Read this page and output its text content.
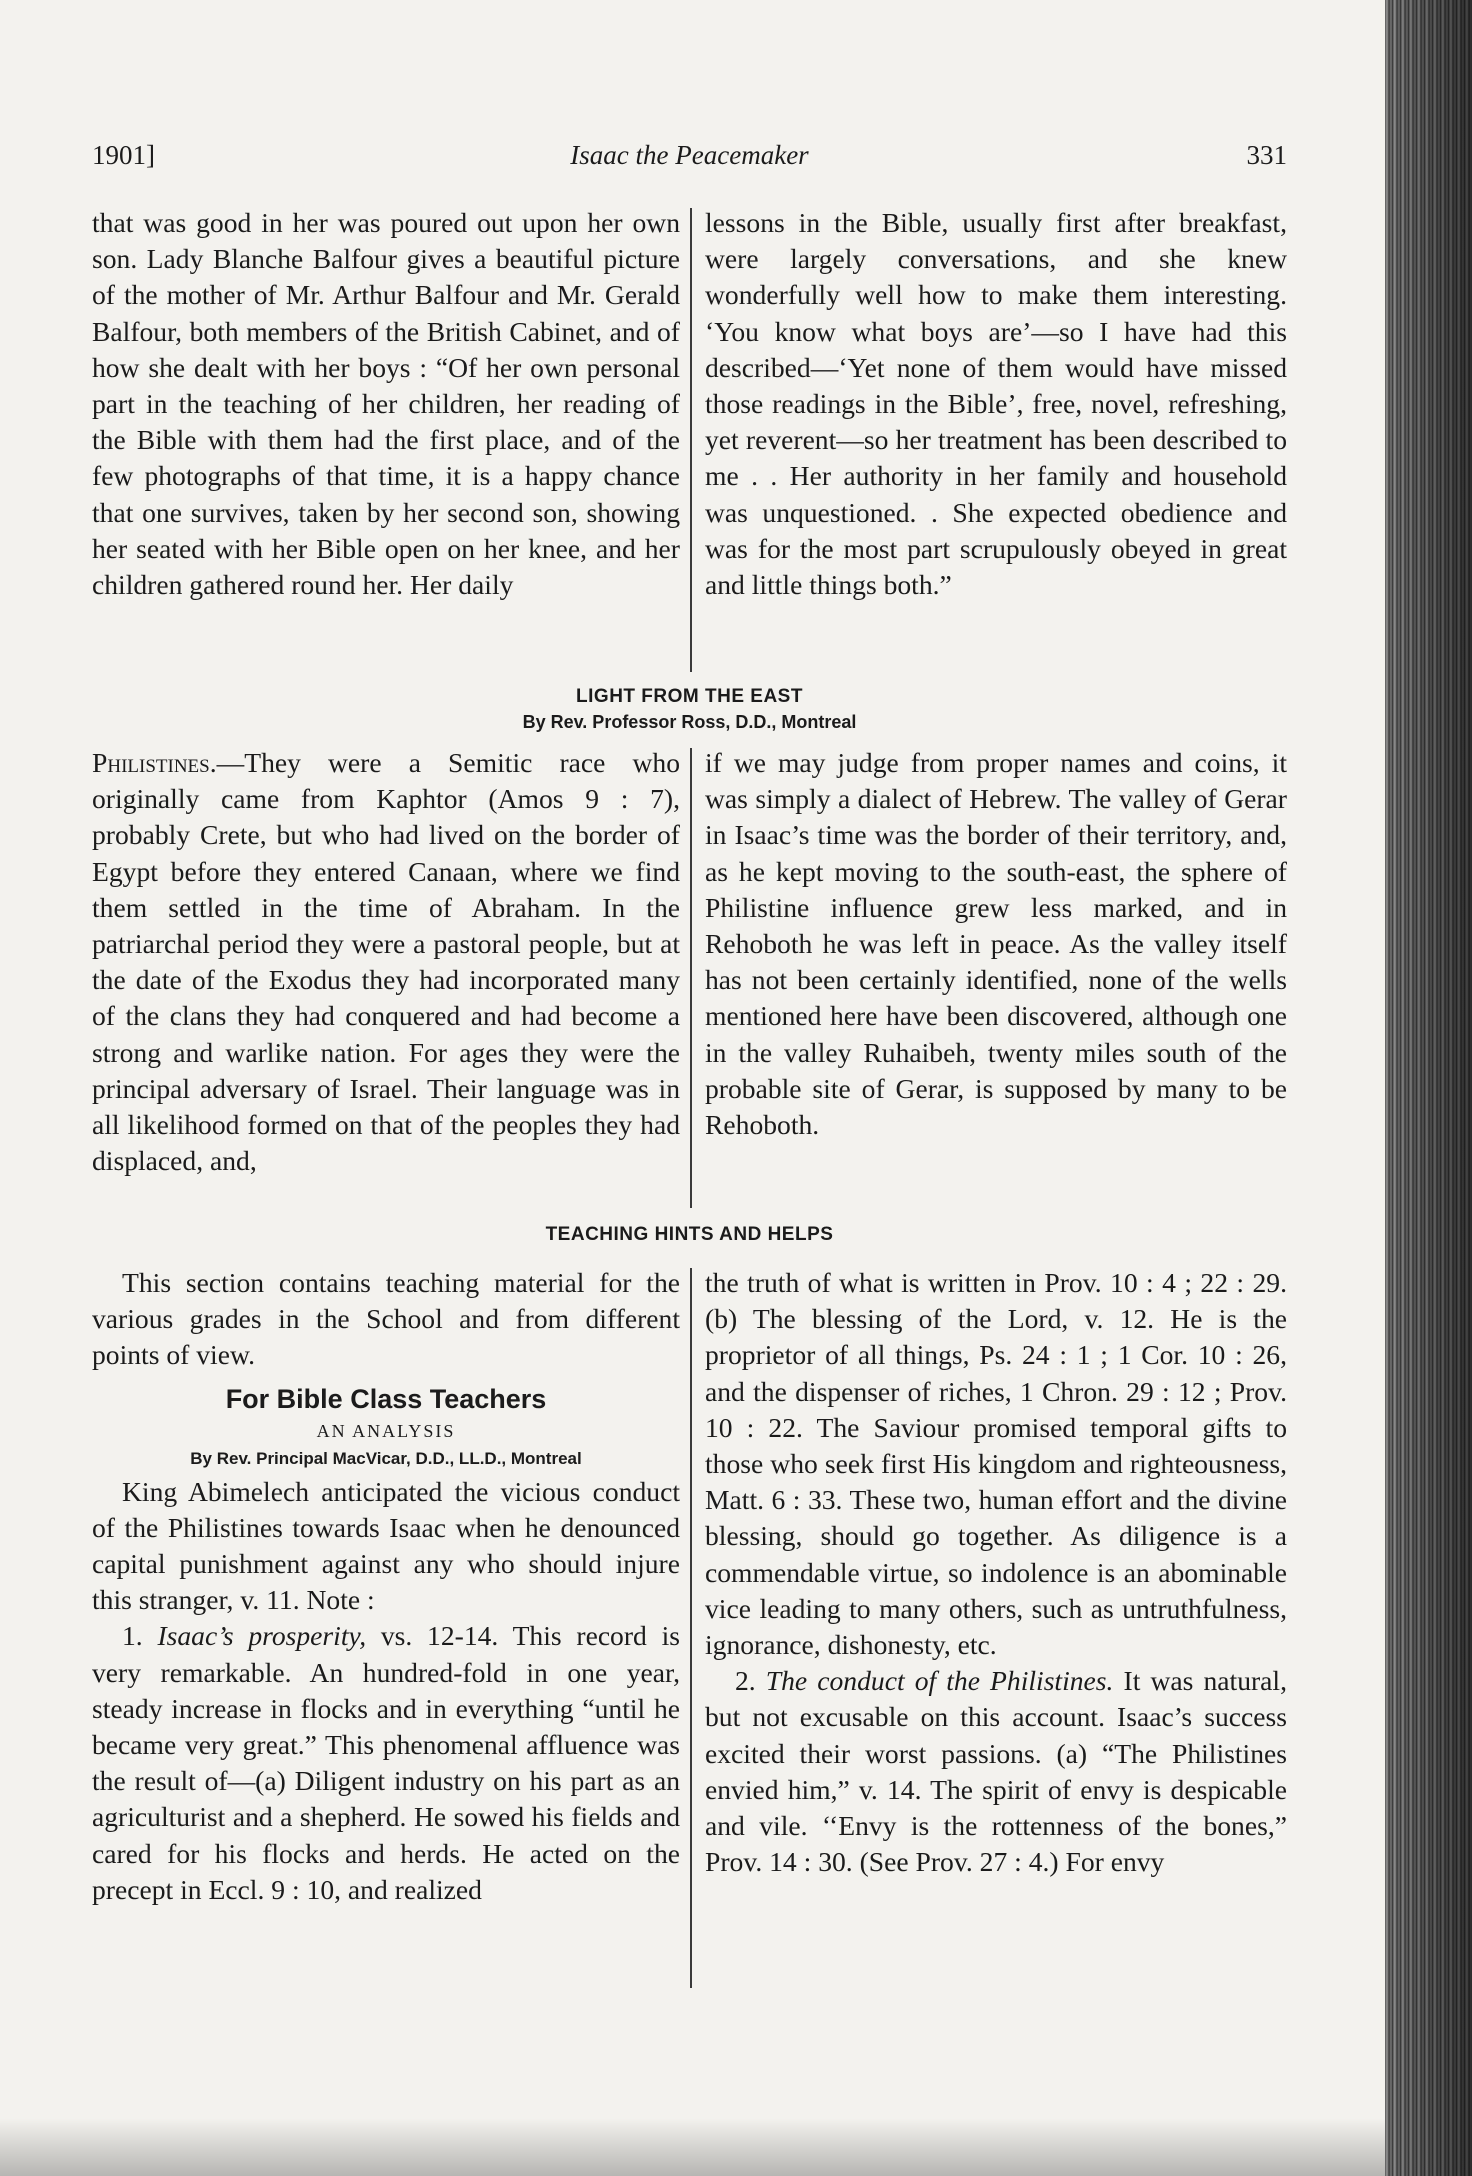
1901]	Isaac the Peacemaker	331

that was good in her was poured out upon her own son. Lady Blanche Balfour gives a beautiful picture of the mother of Mr. Arthur Balfour and Mr. Gerald Balfour, both members of the British Cabinet, and of how she dealt with her boys : “Of her own personal part in the teaching of her children, her reading of the Bible with them had the first place, and of the few photographs of that time, it is a happy chance that one survives, taken by her second son, showing her seated with her Bible open on her knee, and her children gathered round her. Her daily

lessons in the Bible, usually first after breakfast, were largely conversations, and she knew wonderfully well how to make them interesting. ‘You know what boys are’—so I have had this described—‘Yet none of them would have missed those readings in the Bible’, free, novel, refreshing, yet reverent—so her treatment has been described to me . . Her authority in her family and household was unquestioned. . She expected obedience and was for the most part scrupulously obeyed in great and little things both.”

LIGHT FROM THE EAST
By Rev. Professor Ross, D.D., Montreal

Philistines.—They were a Semitic race who originally came from Kaphtor (Amos 9 : 7), probably Crete, but who had lived on the border of Egypt before they entered Canaan, where we find them settled in the time of Abraham. In the patriarchal period they were a pastoral people, but at the date of the Exodus they had incorporated many of the clans they had conquered and had become a strong and warlike nation. For ages they were the principal adversary of Israel. Their language was in all likelihood formed on that of the peoples they had displaced, and,

if we may judge from proper names and coins, it was simply a dialect of Hebrew. The valley of Gerar in Isaac’s time was the border of their territory, and, as he kept moving to the south-east, the sphere of Philistine influence grew less marked, and in Rehoboth he was left in peace. As the valley itself has not been certainly identified, none of the wells mentioned here have been discovered, although one in the valley Ruhaibeh, twenty miles south of the probable site of Gerar, is supposed by many to be Rehoboth.

TEACHING HINTS AND HELPS

This section contains teaching material for the various grades in the School and from different points of view.

For Bible Class Teachers
AN ANALYSIS
By Rev. Principal MacVicar, D.D., LL.D., Montreal

King Abimelech anticipated the vicious conduct of the Philistines towards Isaac when he denounced capital punishment against any who should injure this stranger, v. 11. Note :

1. Isaac’s prosperity, vs. 12-14. This record is very remarkable. An hundred-fold in one year, steady increase in flocks and in everything “until he became very great.” This phenomenal affluence was the result of—(a) Diligent industry on his part as an agriculturist and a shepherd. He sowed his fields and cared for his flocks and herds. He acted on the precept in Eccl. 9 : 10, and realized

the truth of what is written in Prov. 10 : 4 ; 22 : 29. (b) The blessing of the Lord, v. 12. He is the proprietor of all things, Ps. 24 : 1 ; 1 Cor. 10 : 26, and the dispenser of riches, 1 Chron. 29 : 12 ; Prov. 10 : 22. The Saviour promised temporal gifts to those who seek first His kingdom and righteousness, Matt. 6 : 33. These two, human effort and the divine blessing, should go together. As diligence is a commendable virtue, so indolence is an abominable vice leading to many others, such as untruthfulness, ignorance, dishonesty, etc.

2. The conduct of the Philistines. It was natural, but not excusable on this account. Isaac’s success excited their worst passions. (a) “The Philistines envied him,” v. 14. The spirit of envy is despicable and vile. ‘‘Envy is the rottenness of the bones,” Prov. 14 : 30. (See Prov. 27 : 4.) For envy
